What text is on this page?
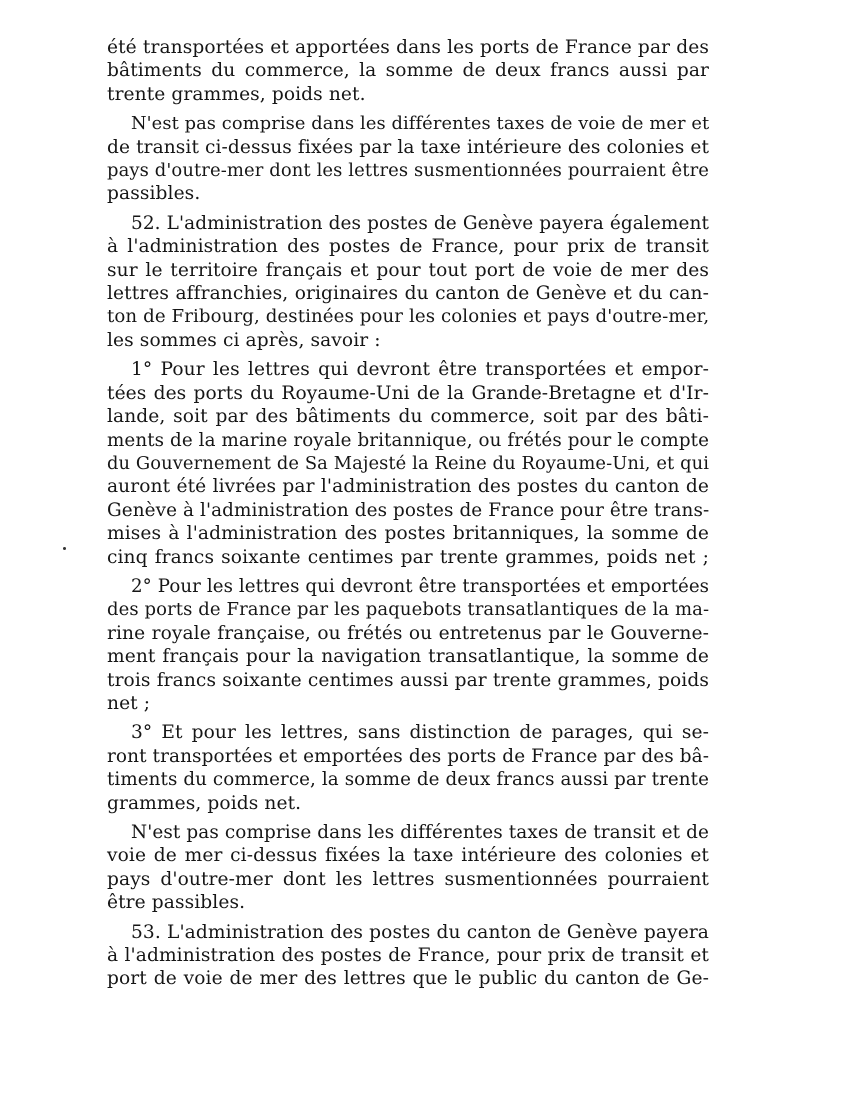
été transportées et apportées dans les ports de France par des
bâtiments du commerce, la somme de deux francs aussi par
trente grammes, poids net.
N'est pas comprise dans les différentes taxes de voie de mer et
de transit ci-dessus fixées par la taxe intérieure des colonies et
pays d'outre-mer dont les lettres susmentionnées pourraient être
passibles.
52. L'administration des postes de Genève payera également
à l'administration des postes de France, pour prix de transit
sur le territoire français et pour tout port de voie de mer des
lettres affranchies, originaires du canton de Genève et du can-
ton de Fribourg, destinées pour les colonies et pays d'outre-mer,
les sommes ci après, savoir :
1° Pour les lettres qui devront être transportées et empor-
tées des ports du Royaume-Uni de la Grande-Bretagne et d'Ir-
lande, soit par des bâtiments du commerce, soit par des bâti-
ments de la marine royale britannique, ou frétés pour le compte
du Gouvernement de Sa Majesté la Reine du Royaume-Uni, et qui
auront été livrées par l'administration des postes du canton de
Genève à l'administration des postes de France pour être trans-
mises à l'administration des postes britanniques, la somme de
cinq francs soixante centimes par trente grammes, poids net ;
2° Pour les lettres qui devront être transportées et emportées
des ports de France par les paquebots transatlantiques de la ma-
rine royale française, ou frétés ou entretenus par le Gouverne-
ment français pour la navigation transatlantique, la somme de
trois francs soixante centimes aussi par trente grammes, poids
net ;
3° Et pour les lettres, sans distinction de parages, qui se-
ront transportées et emportées des ports de France par des bâ-
timents du commerce, la somme de deux francs aussi par trente
grammes, poids net.
N'est pas comprise dans les différentes taxes de transit et de
voie de mer ci-dessus fixées la taxe intérieure des colonies et
pays d'outre-mer dont les lettres susmentionnées pourraient
être passibles.
53. L'administration des postes du canton de Genève payera
à l'administration des postes de France, pour prix de transit et
port de voie de mer des lettres que le public du canton de Ge-
